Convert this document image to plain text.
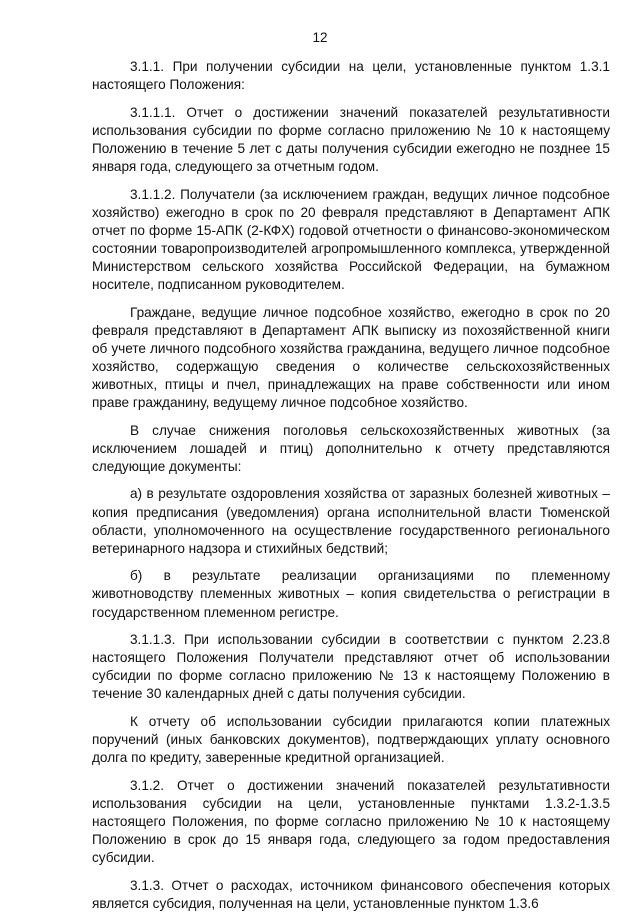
12

3.1.1. При получении субсидии на цели, установленные пунктом 1.3.1 настоящего Положения:

3.1.1.1. Отчет о достижении значений показателей результативности использования субсидии по форме согласно приложению № 10 к настоящему Положению в течение 5 лет с даты получения субсидии ежегодно не позднее 15 января года, следующего за отчетным годом.

3.1.1.2. Получатели (за исключением граждан, ведущих личное подсобное хозяйство) ежегодно в срок по 20 февраля представляют в Департамент АПК отчет по форме 15-АПК (2-КФХ) годовой отчетности о финансово-экономическом состоянии товаропроизводителей агропромышленного комплекса, утвержденной Министерством сельского хозяйства Российской Федерации, на бумажном носителе, подписанном руководителем.

Граждане, ведущие личное подсобное хозяйство, ежегодно в срок по 20 февраля представляют в Департамент АПК выписку из похозяйственной книги об учете личного подсобного хозяйства гражданина, ведущего личное подсобное хозяйство, содержащую сведения о количестве сельскохозяйственных животных, птицы и пчел, принадлежащих на праве собственности или ином праве гражданину, ведущему личное подсобное хозяйство.

В случае снижения поголовья сельскохозяйственных животных (за исключением лошадей и птиц) дополнительно к отчету представляются следующие документы:

а) в результате оздоровления хозяйства от заразных болезней животных – копия предписания (уведомления) органа исполнительной власти Тюменской области, уполномоченного на осуществление государственного регионального ветеринарного надзора и стихийных бедствий;

б) в результате реализации организациями по племенному животноводству племенных животных – копия свидетельства о регистрации в государственном племенном регистре.

3.1.1.3. При использовании субсидии в соответствии с пунктом 2.23.8 настоящего Положения Получатели представляют отчет об использовании субсидии по форме согласно приложению № 13 к настоящему Положению в течение 30 календарных дней с даты получения субсидии.

К отчету об использовании субсидии прилагаются копии платежных поручений (иных банковских документов), подтверждающих уплату основного долга по кредиту, заверенные кредитной организацией.

3.1.2. Отчет о достижении значений показателей результативности использования субсидии на цели, установленные пунктами 1.3.2-1.3.5 настоящего Положения, по форме согласно приложению № 10 к настоящему Положению в срок до 15 января года, следующего за годом предоставления субсидии.

3.1.3. Отчет о расходах, источником финансового обеспечения которых является субсидия, полученная на цели, установленные пунктом 1.3.6
